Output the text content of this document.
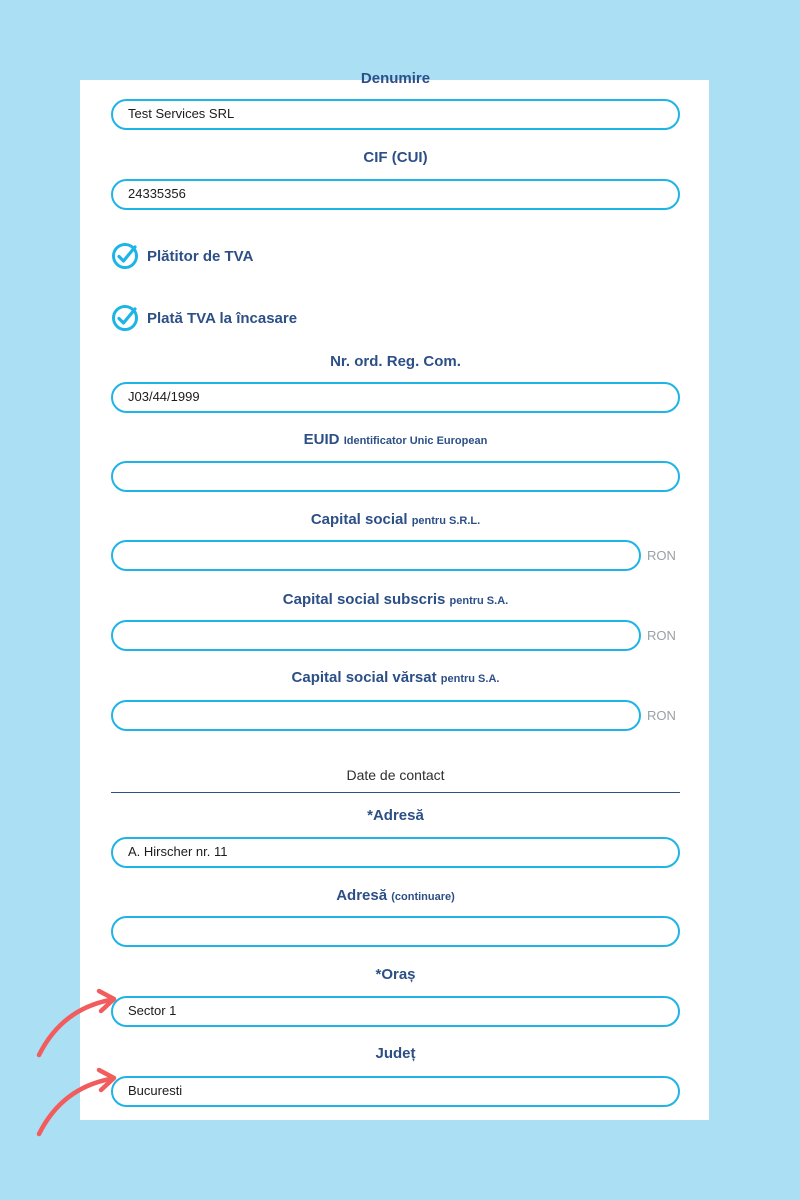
Denumire
Test Services SRL
CIF (CUI)
24335356
Plătitor de TVA
Plată TVA la încasare
Nr. ord. Reg. Com.
J03/44/1999
EUID Identificator Unic European
Capital social pentru S.R.L.
RON
Capital social subscris pentru S.A.
RON
Capital social vărsat pentru S.A.
RON
Date de contact
*Adresă
A. Hirscher nr. 11
Adresă (continuare)
*Oraș
Sector 1
Județ
Bucuresti
